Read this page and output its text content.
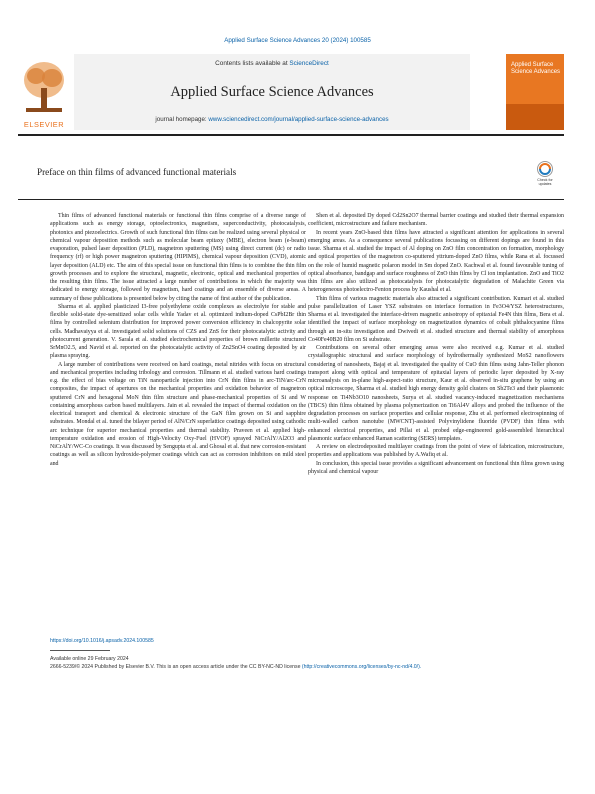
Applied Surface Science Advances 20 (2024) 100585
ELSEVIER
Contents lists available at ScienceDirect
Applied Surface Science Advances
journal homepage: www.sciencedirect.com/journal/applied-surface-science-advances
Applied Surface Science Advances
Preface on thin films of advanced functional materials
Check for updates

Thin films of advanced functional materials or functional thin films comprise of a diverse range of applications such as energy storage, optoelectronics, magnetism, superconductivity, photocatalysis, photonics and piezoelectrics. Growth of such functional thin films can be realized using several physical or chemical vapour deposition methods such as molecular beam epitaxy (MBE), electron beam (e-beam) evaporation, pulsed laser deposition (PLD), magnetron sputtering (MS) using direct current (dc) or radio frequency (rf) or high power magnetron sputtering (HIPIMS), chemical vapour deposition (CVD), atomic layer deposition (ALD) etc. The aim of this special issue on functional thin films is to combine the thin film growth processes and to explore the structural, magnetic, electronic, optical and mechanical properties of the resulting thin films. The issue attracted a large number of contributions in which the majority was dedicated to energy storage, followed by magnetism, hard coatings and an ensemble of diverse areas. A summary of these publications is presented below by citing the name of first author of the publication.

Sharma et al. applied plasticized I3-free polyethylene oxide complexes as electrolyte for stable and flexible solid-state dye-sensitized solar cells while Yadav et al. optimized indium-doped CsPbI2Br thin films by controlled selenium distribution for improved power conversion efficiency in chalcopyrite solar cells. Madhavaiyya et al. investigated solid solutions of CZS and ZnS for their photocatalytic activity and photocurrent generation. V. Sarala et al. studied electrochemical properties of brown millerite structured SrMnO2.5, and Navid et al. reported on the photocatalytic activity of Zn2SnO4 coating deposited by air plasma spraying.

A large number of contributions were received on hard coatings, metal nitrides with focus on structural and mechanical properties including tribology and corrosion. Tillmann et al. studied various hard coatings e.g. the effect of bias voltage on TiN nanoparticle injection into CrN thin films in arc-TiN/arc-CrN composites, the impact of apertures on the mechanical properties and oxidation behavior of magnetron sputtered CrN and hexagonal MoN thin film structure and phase-mechanical properties of Si and W containing amorphous carbon based multilayers. Jain et al. revealed the impact of thermal oxidation on the electrical transport and chemical & electronic structure of the GaN film grown on Si and sapphire substrates. Mondal et al. tuned the bilayer period of AlN/CrN superlattice coatings deposited using cathodic arc technique for superior mechanical properties and thermal stability. Praveen et al. applied high-temperature oxidation and erosion of High-Velocity Oxy-Fuel (HVOF) sprayed NiCrAlY/Al2O3 and NiCrAlY/WC-Co coatings. It was discussed by Sengupta et al. and Ghosal et al. that new corrosion-resistant coatings as well as silicon hydroxide-polymer coatings which can act as corrosion inhibitors on mild steel and

Shen et al. deposited Dy doped Cd2Sn2O7 thermal barrier coatings and studied their thermal expansion coefficient, microstructure and failure mechanism.

In recent years ZnO-based thin films have attracted a significant attention for applications in several emerging areas. As a consequence several publications focussing on different dopings are found in this issue. Sharma et al. studied the impact of Al doping on ZnO film concentration on formation, morphology and optical properties of the magnetron co-sputtered yttrium-doped ZnO films, while Rana et al. focussed on the role of humid magnetic polaron model in Sm doped ZnO. Kachwal et al. found favourable tuning of optical absorbance, bandgap and surface roughness of ZnO thin films by Cl ion implantation. ZnO and TiO2 thin films are also utilized as photocatalysts for photocatalytic degradation of Malachite Green via heterogeneous photoelectro-Fenton process by Kaushal et al.

Thin films of various magnetic materials also attracted a significant contribution. Kumari et al. studied pulse parallelization of Laser YSZ substrates on interface formation in Fe3O4/YSZ heterostructures, Sharma et al. investigated the interface-driven magnetic anisotropy of epitaxial Fe4N thin films, Bera et al. identified the impact of surface morphology on magnetization dynamics of cobalt phthalocyanine films through an in-situ investigation and Dwivedi et al. studied structure and thermal stability of amorphous Co40Fe40B20 film on Si substrate.

Contributions on several other emerging areas were also received e.g. Kumar et al. studied crystallographic structural and surface morphology of hydrothermally synthesized MoS2 nanoflowers considering of nanosheets, Bajaj et al. investigated the quality of CuO thin films using Jahn-Teller phonon transport along with optical and temperature of epitaxial layers of periodic layer deposited by X-ray microanalysis on in-plane high-aspect-ratio structure, Kaur et al. observed in-situ graphene by using an optical microscope, Sharma et al. studied high energy density gold clusters on Sb2Te3 and their plasmonic response on Ti4Nb3O10 nanosheets, Surya et al. studied vacancy-induced magnetization mechanisms (TBCS) thin films obtained by plasma polymerization on Ti6Al4V alloys and probed the influence of the degradation processes on surface properties and cellular response, Zhu et al. performed electrospinning of multi-walled carbon nanotube (MWCNT)-assisted Polyvinylidene fluoride (PVDF) thin films with enhanced electrical properties, and Pillai et al. probed edge-engineered gold-assembled hierarchical plasmonic surface enhanced Raman scattering (SERS) templates.

A review on electrodeposited multilayer coatings from the point of view of fabrication, microstructure, properties and applications was published by A.Wafiq et al.

In conclusion, this special issue provides a significant advancement on functional thin films grown using physical and chemical vapour

https://doi.org/10.1016/j.apsadv.2024.100585
Available online 29 February 2024
2666-5239/© 2024 Published by Elsevier B.V. This is an open access article under the CC BY-NC-ND license (http://creativecommons.org/licenses/by-nc-nd/4.0/).
